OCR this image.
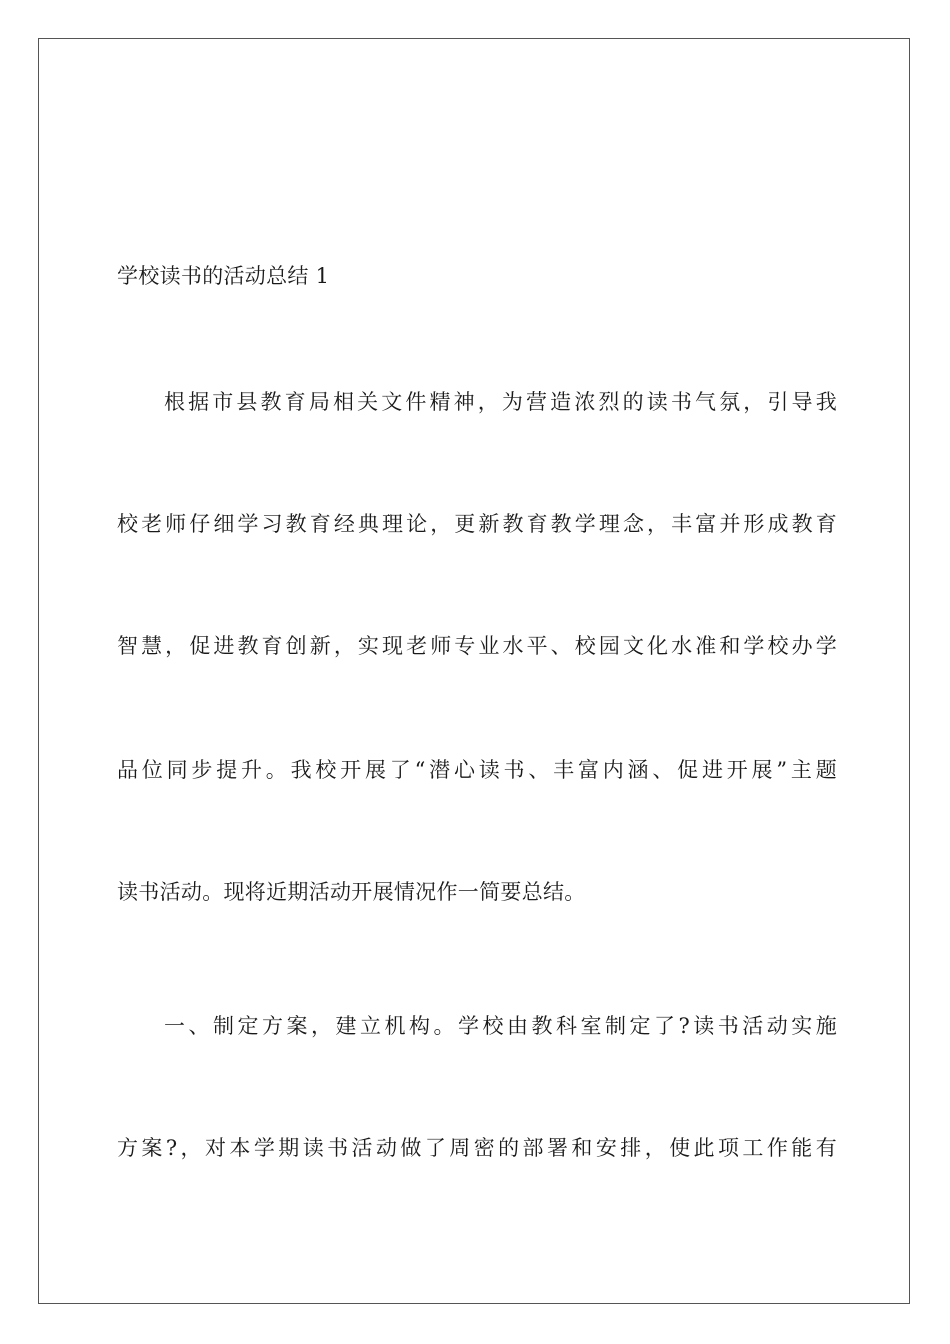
学校读书的活动总结 1
根据市县教育局相关文件精神，为营造浓烈的读书气氛，引导我
校老师仔细学习教育经典理论，更新教育教学理念，丰富并形成教育
智慧，促进教育创新，实现老师专业水平、校园文化水准和学校办学
品位同步提升。我校开展了“潜心读书、丰富内涵、促进开展”主题
读书活动。现将近期活动开展情况作一简要总结。
一、制定方案，建立机构。学校由教科室制定了?读书活动实施
方案?，对本学期读书活动做了周密的部署和安排，使此项工作能有
